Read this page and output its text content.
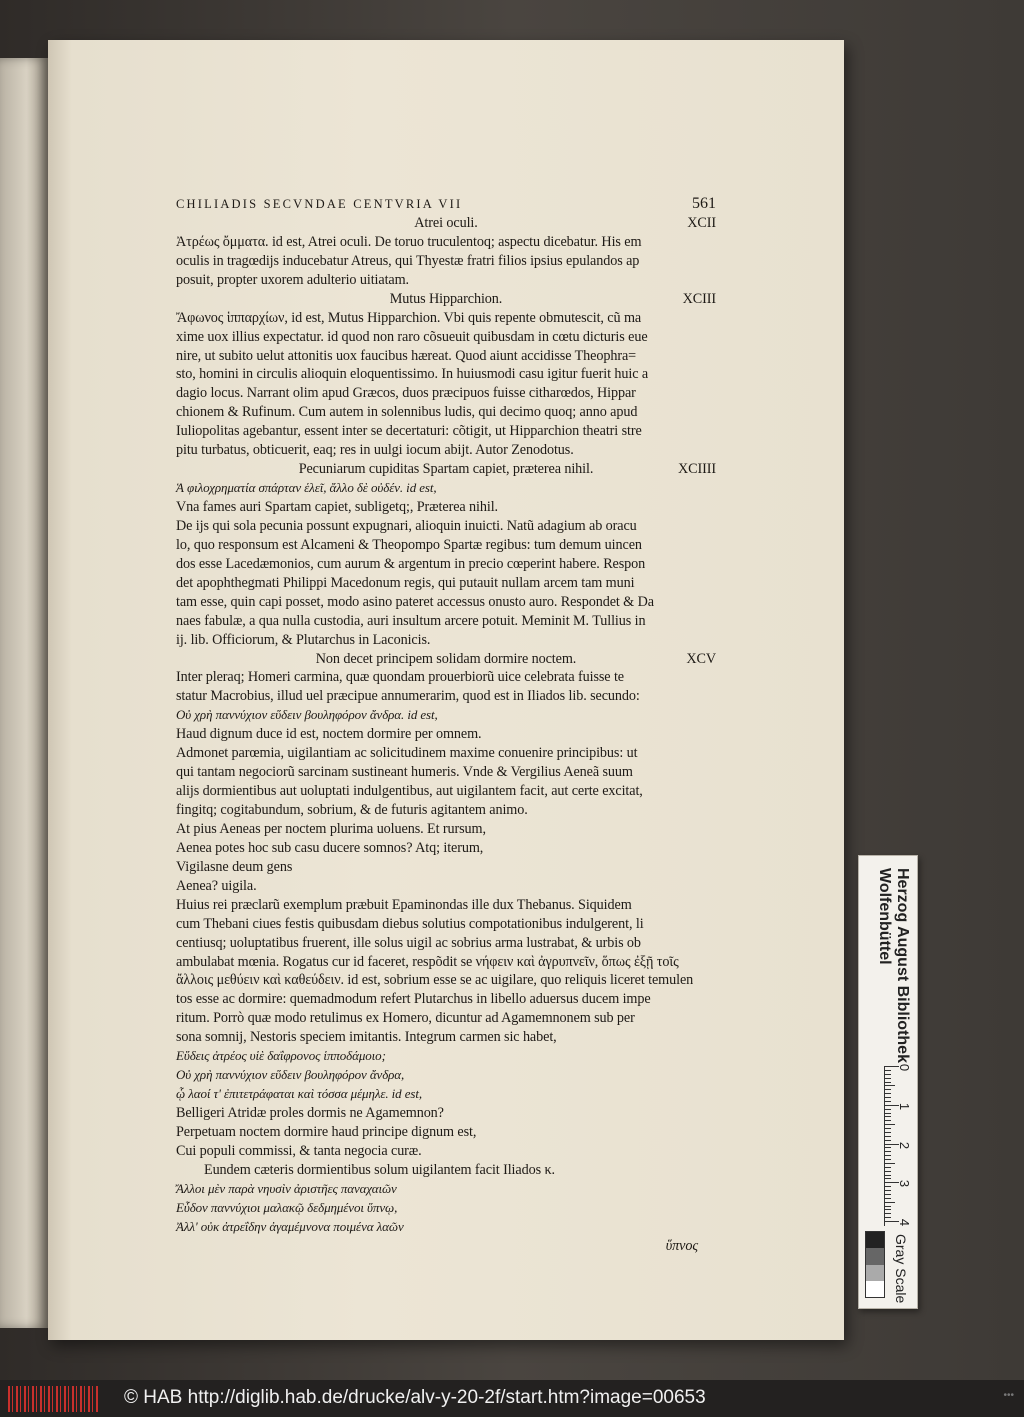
CHILIADIS SECVNDAE CENTVRIA VII	561
Atrei oculi.	XCII
Ἀτρέως ὄμματα. id est, Atrei oculi. De toruo truculentoq; aspectu dicebatur. His em
oculis in tragœdijs inducebatur Atreus, qui Thyestæ fratri filios ipsius epulandos ap
posuit, propter uxorem adulterio uitiatam.
Mutus Hipparchion.	XCIII
Ἄφωνος ἱππαρχίων, id est, Mutus Hipparchion. Vbi quis repente obmutescit, cũ ma
xime uox illius expectatur. id quod non raro cõsueuit quibusdam in cœtu dicturis eue
nire, ut subito uelut attonitis uox faucibus hæreat. Quod aiunt accidisse Theophra=
sto, homini in circulis alioquin eloquentissimo. In huiusmodi casu igitur fuerit huic a
dagio locus. Narrant olim apud Græcos, duos præcipuos fuisse citharœdos, Hippar
chionem & Rufinum. Cum autem in solennibus ludis, qui decimo quoq; anno apud
Iuliopolitas agebantur, essent inter se decertaturi: cõtigit, ut Hipparchion theatri stre
pitu turbatus, obticuerit, eaq; res in uulgi iocum abijt. Autor Zenodotus.
Pecuniarum cupiditas Spartam capiet, præterea nihil.	XCIIII
Ἁ φιλοχρηματία σπάρταν ἑλεῖ, ἄλλο δὲ οὐδέν. id est,
Vna fames auri Spartam capiet, subligetq;, Præterea nihil.
De ijs qui sola pecunia possunt expugnari, alioquin inuicti. Natũ adagium ab oracu
lo, quo responsum est Alcameni & Theopompo Spartæ regibus: tum demum uincen
dos esse Lacedæmonios, cum aurum & argentum in precio cœperint habere. Respon
det apophthegmati Philippi Macedonum regis, qui putauit nullam arcem tam muni
tam esse, quin capi posset, modo asino pateret accessus onusto auro. Respondet & Da
naes fabulæ, a qua nulla custodia, auri insultum arcere potuit. Meminit M. Tullius in
ij. lib. Officiorum, & Plutarchus in Laconicis.
Non decet principem solidam dormire noctem.	XCV
Inter pleraq; Homeri carmina, quæ quondam prouerbiorũ uice celebrata fuisse te
statur Macrobius, illud uel præcipue annumerarim, quod est in Iliados lib. secundo:
Οὐ χρὴ παννύχιον εὕδειν βουληφόρον ἄνδρα. id est,
Haud dignum duce id est, noctem dormire per omnem.
Admonet parœmia, uigilantiam ac solicitudinem maxime conuenire principibus: ut
qui tantam negociorũ sarcinam sustineant humeris. Vnde & Vergilius Aeneã suum
alijs dormientibus aut uoluptati indulgentibus, aut uigilantem facit, aut certe excitat,
fingitq; cogitabundum, sobrium, & de futuris agitantem animo.
At pius Aeneas per noctem plurima uoluens. Et rursum,
Aenea potes hoc sub casu ducere somnos? Atq; iterum,
Vigilasne deum gens
Aenea? uigila.
Huius rei præclarũ exemplum præbuit Epaminondas ille dux Thebanus. Siquidem
cum Thebani ciues festis quibusdam diebus solutius compotationibus indulgerent, li
centiusq; uoluptatibus fruerent, ille solus uigil ac sobrius arma lustrabat, & urbis ob
ambulabat mœnia. Rogatus cur id faceret, respõdit se νήφειν καὶ ἀγρυπνεῖν, ὅπως ἐξῇ τοῖς
ἄλλοις μεθύειν καὶ καθεύδειν. id est, sobrium esse se ac uigilare, quo reliquis liceret temulen
tos esse ac dormire: quemadmodum refert Plutarchus in libello aduersus ducem impe
ritum. Porrò quæ modo retulimus ex Homero, dicuntur ad Agamemnonem sub per
sona somnij, Nestoris speciem imitantis. Integrum carmen sic habet,
Εὕδεις ἀτρέος υἱὲ δαΐφρονος ἱπποδάμοιο;
Οὐ χρὴ παννύχιον εὕδειν βουληφόρον ἄνδρα,
ᾧ λαοί τ' ἐπιτετράφαται καὶ τόσσα μέμηλε. id est,
Belligeri Atridæ proles dormis ne Agamemnon?
Perpetuam noctem dormire haud principe dignum est,
Cui populi commissi, & tanta negocia curæ.
Eundem cæteris dormientibus solum uigilantem facit Iliados κ.
Ἄλλοι μὲν παρὰ νηυσὶν ἀριστῆες παναχαιῶν
Εὗδον παννύχιοι μαλακῷ δεδμημένοι ὕπνῳ,
Ἀλλ' οὐκ ἀτρεΐδην ἀγαμέμνονα ποιμένα λαῶν
ὕπνος
Herzog August Bibliothek
Wolfenbüttel
0
1
2
3
4
Gray Scale
© HAB http://diglib.hab.de/drucke/alv-y-20-2f/start.htm?image=00653	•••
